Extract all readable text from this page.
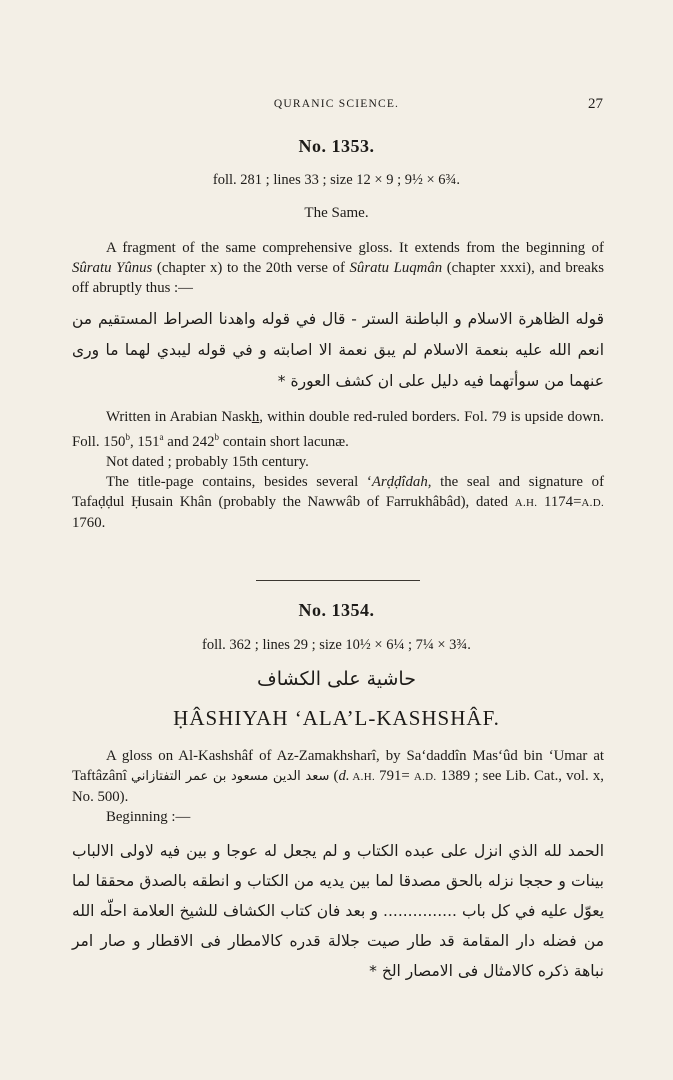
QURANIC SCIENCE.	27
No. 1353.
foll. 281 ; lines 33 ; size 12 × 9 ; 9½ × 6¾.
The Same.

A fragment of the same comprehensive gloss. It extends from the beginning of Sûratu Yûnus (chapter x) to the 20th verse of Sûratu Luqmân (chapter xxxi), and breaks off abruptly thus :—

قوله الظاهرة الاسلام و الباطنة الستر - قال في قوله واهدنا الصراط المستقيم من انعم الله عليه بنعمة الاسلام لم يبق نعمة الا اصابته و في قوله ليبدي لهما ما ورى عنهما من سوأتهما فيه دليل على ان كشف العورة *

Written in Arabian Naskh, within double red-ruled borders. Fol. 79 is upside down. Foll. 150$^b$, 151$^a$ and 242$^b$ contain short lacunæ.

Not dated ; probably 15th century.

The title-page contains, besides several ‘Arḍḍîdah, the seal and signature of Tafaḍḍul Ḥusain Khân (probably the Nawwâb of Farrukhâbâd), dated A.H. 1174=A.D. 1760.

No. 1354.
foll. 362 ; lines 29 ; size 10½ × 6¼ ; 7¼ × 3¾.
حاشية على الكشاف
ḤÂSHIYAH ‘ALA’L-KASHSHÂF.

A gloss on Al-Kashshâf of Az-Zamakhsharî, by Sa‘daddîn Mas‘ûd bin ‘Umar at Taftâzânî سعد الدين مسعود بن عمر التفتازاني (d. A.H. 791= A.D. 1389 ; see Lib. Cat., vol. x, No. 500).

Beginning :—

الحمد لله الذي انزل على عبده الكتاب و لم يجعل له عوجا و بين فيه لاولى الالباب بينات و حججا نزله بالحق مصدقا لما بين يديه من الكتاب و انطقه بالصدق محققا لما يعوّل عليه في كل باب ............... و بعد فان كتاب الكشاف للشيخ العلامة احلّه الله من فضله دار المقامة قد طار صيت جلالة قدره كالامطار فى الاقطار و صار امر نباهة ذكره كالامثال فى الامصار الخ *
